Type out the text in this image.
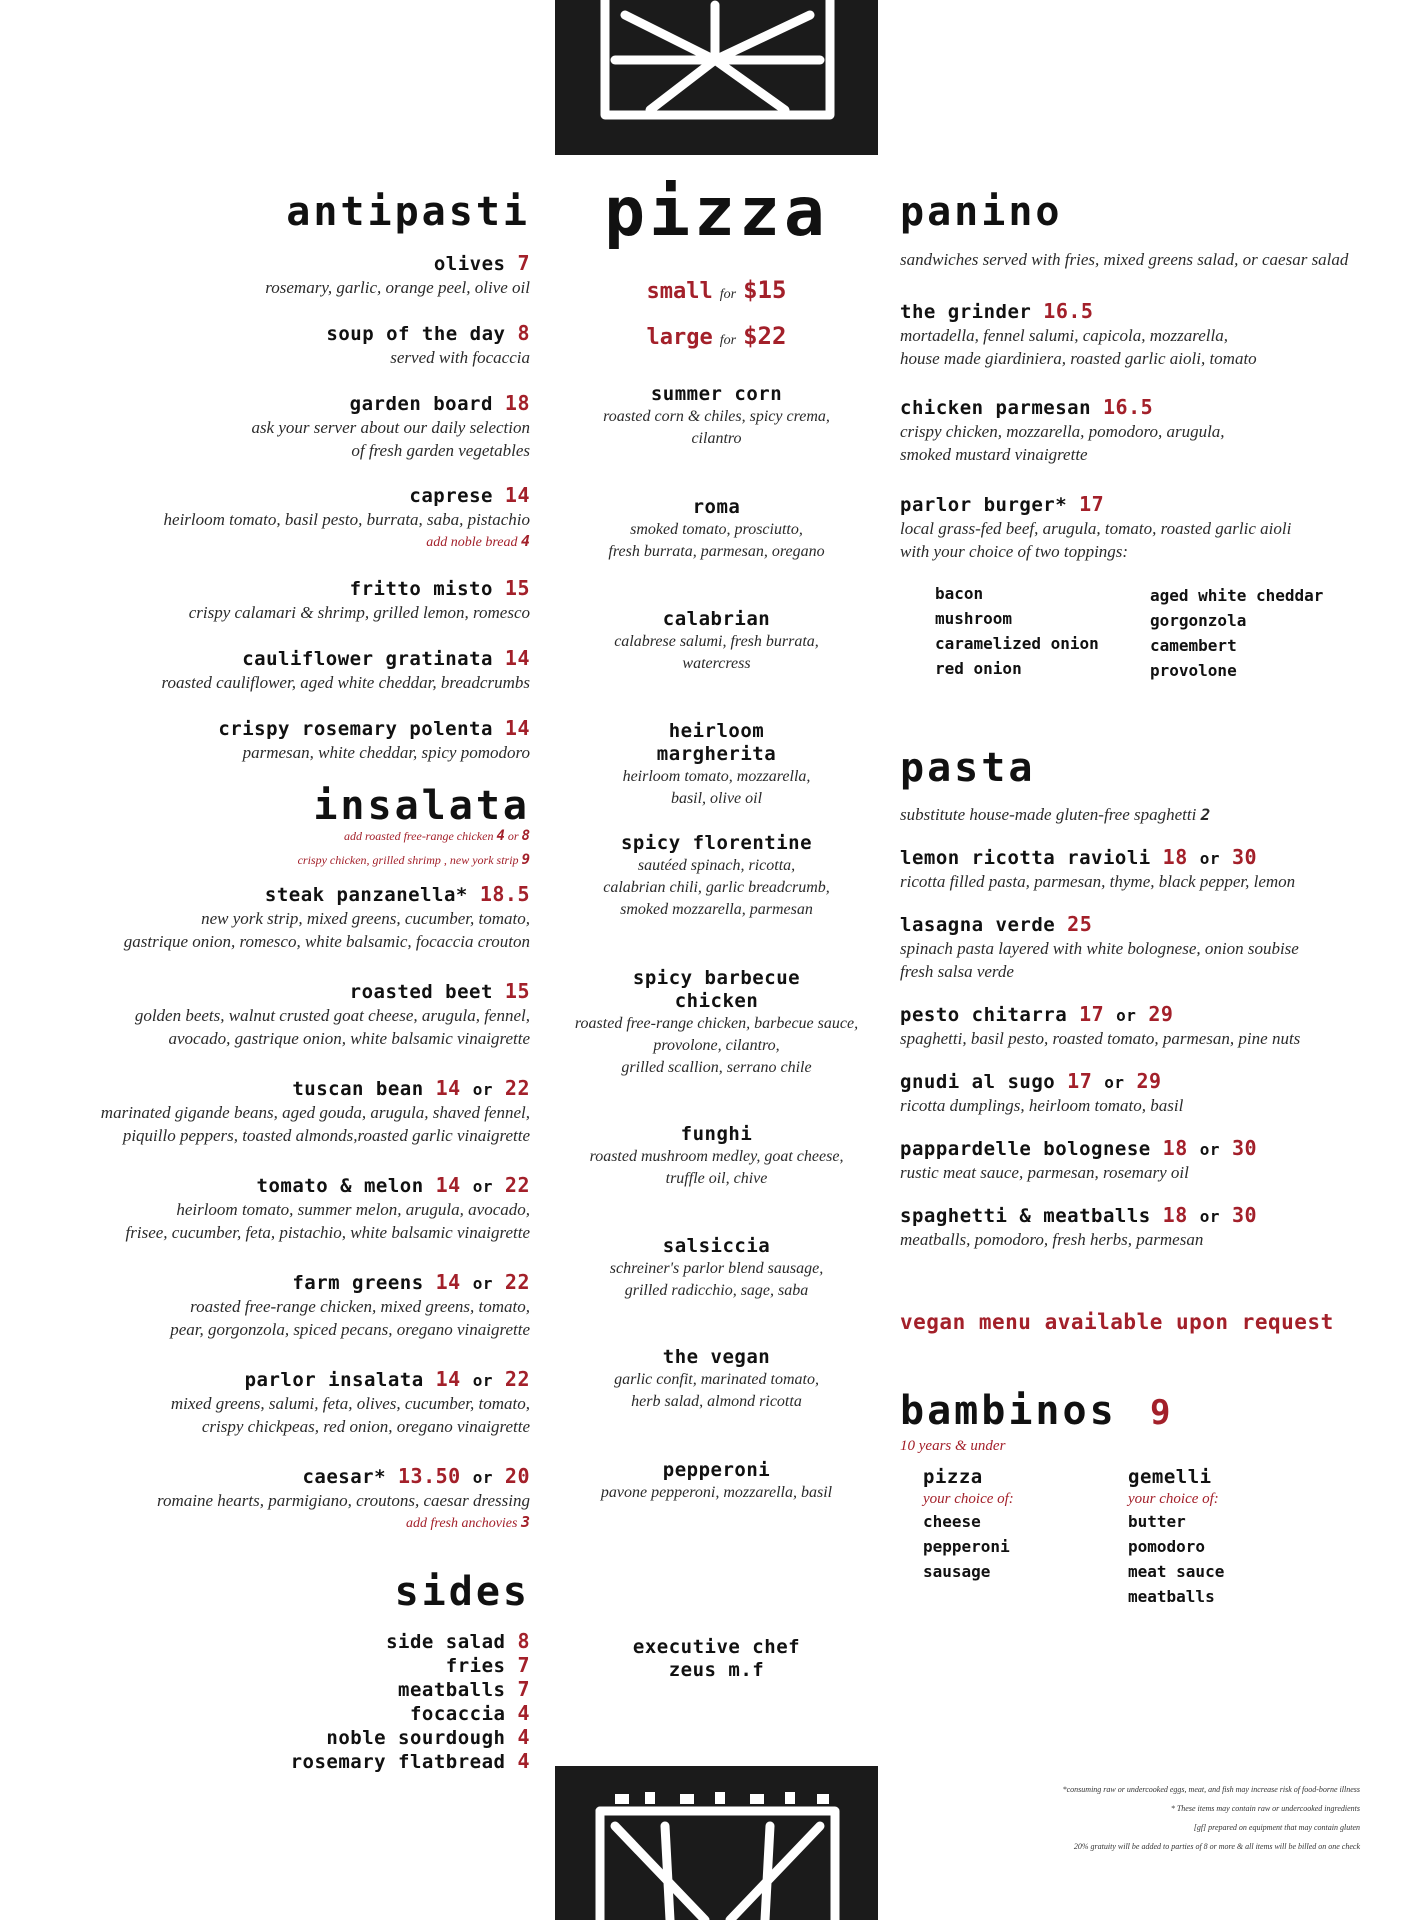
antipasti
olives 7
rosemary, garlic, orange peel, olive oil
soup of the day 8
served with focaccia
garden board 18
ask your server about our daily selection
of fresh garden vegetables
caprese 14
heirloom tomato, basil pesto, burrata, saba, pistachio
add noble bread 4
fritto misto 15
crispy calamari & shrimp, grilled lemon, romesco
cauliflower gratinata 14
roasted cauliflower, aged white cheddar, breadcrumbs
crispy rosemary polenta 14
parmesan, white cheddar, spicy pomodoro
insalata
add roasted free-range chicken 4 or 8
crispy chicken, grilled shrimp , new york strip 9
steak panzanella* 18.5
new york strip, mixed greens, cucumber, tomato,
gastrique onion, romesco, white balsamic, focaccia crouton
roasted beet 15
golden beets, walnut crusted goat cheese, arugula, fennel,
avocado, gastrique onion, white balsamic vinaigrette
tuscan bean 14 or 22
marinated gigande beans, aged gouda, arugula, shaved fennel,
piquillo peppers, toasted almonds,roasted garlic vinaigrette
tomato & melon 14 or 22
heirloom tomato, summer melon, arugula, avocado,
frisee, cucumber, feta, pistachio, white balsamic vinaigrette
farm greens 14 or 22
roasted free-range chicken, mixed greens, tomato,
pear, gorgonzola, spiced pecans, oregano vinaigrette
parlor insalata 14 or 22
mixed greens, salumi, feta, olives, cucumber, tomato,
crispy chickpeas, red onion, oregano vinaigrette
caesar* 13.50 or 20
romaine hearts, parmigiano, croutons, caesar dressing
add fresh anchovies 3
sides
side salad 8
fries 7
meatballs 7
focaccia 4
noble sourdough 4
rosemary flatbread 4
pizza
small for $15
large for $22
summer corn
roasted corn & chiles, spicy crema,
cilantro
roma
smoked tomato, prosciutto,
fresh burrata, parmesan, oregano
calabrian
calabrese salumi, fresh burrata,
watercress
heirloom
margherita
heirloom tomato, mozzarella,
basil, olive oil
spicy florentine
sautéed spinach, ricotta,
calabrian chili, garlic breadcrumb,
smoked mozzarella, parmesan
spicy barbecue
chicken
roasted free-range chicken, barbecue sauce,
provolone, cilantro,
grilled scallion, serrano chile
funghi
roasted mushroom medley, goat cheese,
truffle oil, chive
salsiccia
schreiner's parlor blend sausage,
grilled radicchio, sage, saba
the vegan
garlic confit, marinated tomato,
herb salad, almond ricotta
pepperoni
pavone pepperoni, mozzarella, basil
executive chef
zeus m.f
panino
sandwiches served with fries, mixed greens salad, or caesar salad
the grinder 16.5
mortadella, fennel salumi, capicola, mozzarella,
house made giardiniera, roasted garlic aioli, tomato
chicken parmesan 16.5
crispy chicken, mozzarella, pomodoro, arugula,
smoked mustard vinaigrette
parlor burger* 17
local grass-fed beef, arugula, tomato, roasted garlic aioli
with your choice of two toppings:
bacon
mushroom
caramelized onion
red onion
aged white cheddar
gorgonzola
camembert
provolone
pasta
substitute house-made gluten-free spaghetti 2
lemon ricotta ravioli 18 or 30
ricotta filled pasta, parmesan, thyme, black pepper, lemon
lasagna verde 25
spinach pasta layered with white bolognese, onion soubise
fresh salsa verde
pesto chitarra 17 or 29
spaghetti, basil pesto, roasted tomato, parmesan, pine nuts
gnudi al sugo 17 or 29
ricotta dumplings, heirloom tomato, basil
pappardelle bolognese 18 or 30
rustic meat sauce, parmesan, rosemary oil
spaghetti & meatballs 18 or 30
meatballs, pomodoro, fresh herbs, parmesan
vegan menu available upon request
bambinos 9
10 years & under
pizza
your choice of:
cheese
pepperoni
sausage
gemelli
your choice of:
butter
pomodoro
meat sauce
meatballs
*consuming raw or undercooked eggs, meat, and fish may increase risk of food-borne illness
* These items may contain raw or undercooked ingredients
[gf] prepared on equipment that may contain gluten
20% gratuity will be added to parties of 8 or more & all items will be billed on one check
